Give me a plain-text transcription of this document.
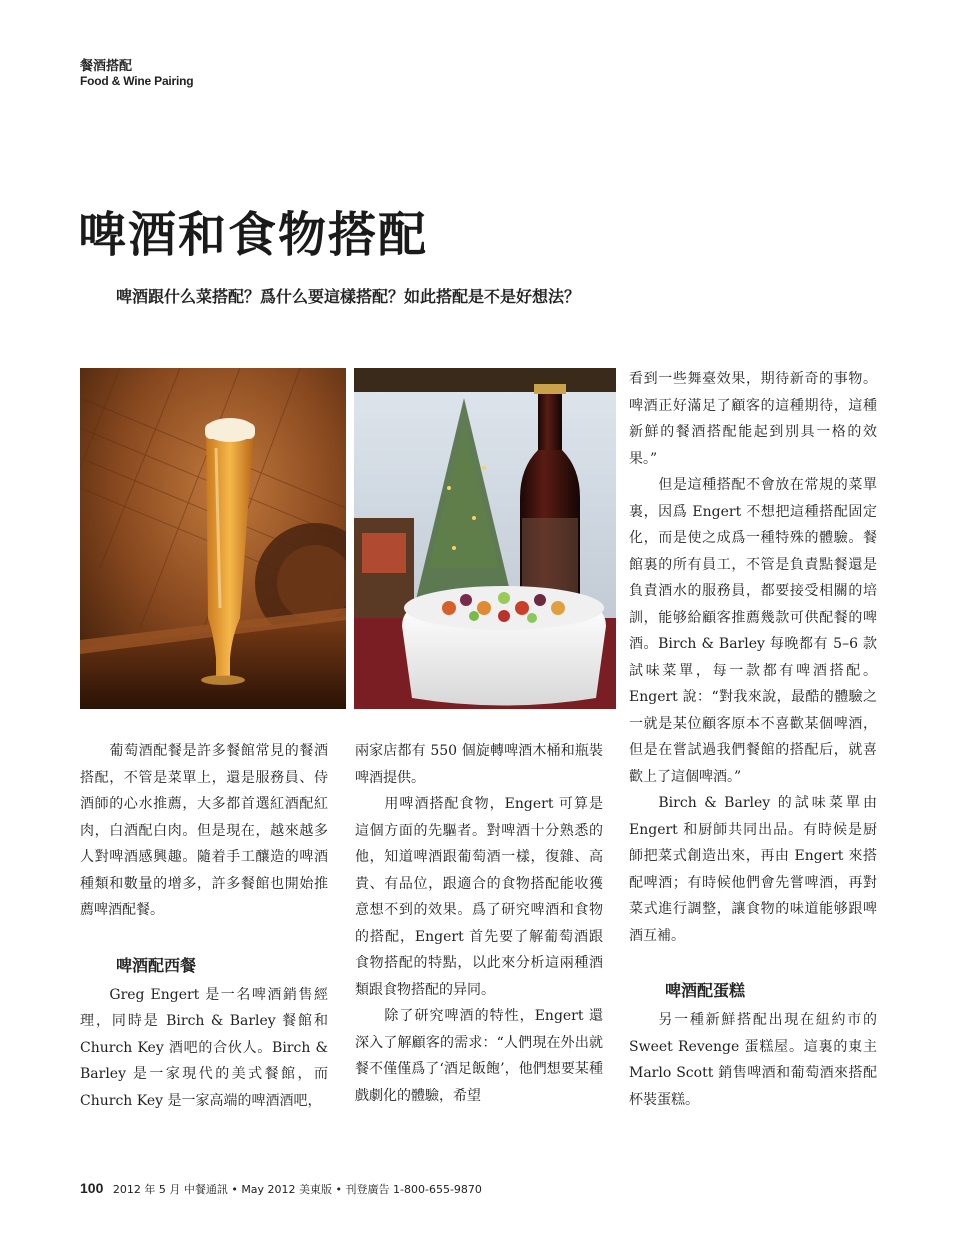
餐酒搭配
Food & Wine Pairing
啤酒和食物搭配
啤酒跟什么菜搭配？爲什么要這樣搭配？如此搭配是不是好想法？

葡萄酒配餐是許多餐館常見的餐酒搭配，不管是菜單上，還是服務員、侍酒師的心水推薦，大多都首選紅酒配紅肉，白酒配白肉。但是現在，越來越多人對啤酒感興趣。隨着手工釀造的啤酒種類和數量的增多，許多餐館也開始推薦啤酒配餐。

啤酒配西餐

Greg Engert 是一名啤酒銷售經理，同時是 Birch & Barley 餐館和 Church Key 酒吧的合伙人。Birch & Barley 是一家現代的美式餐館，而 Church Key 是一家高端的啤酒酒吧，

兩家店都有 550 個旋轉啤酒木桶和瓶裝啤酒提供。

用啤酒搭配食物，Engert 可算是這個方面的先驅者。對啤酒十分熟悉的他，知道啤酒跟葡萄酒一樣，復雜、高貴、有品位，跟適合的食物搭配能收獲意想不到的效果。爲了研究啤酒和食物的搭配，Engert 首先要了解葡萄酒跟食物搭配的特點，以此來分析這兩種酒類跟食物搭配的异同。

除了研究啤酒的特性，Engert 還深入了解顧客的需求：“人們現在外出就餐不僅僅爲了‘酒足飯飽’，他們想要某種戲劇化的體驗，希望

看到一些舞臺效果，期待新奇的事物。啤酒正好滿足了顧客的這種期待，這種新鮮的餐酒搭配能起到別具一格的效果。”

但是這種搭配不會放在常規的菜單裏，因爲 Engert 不想把這種搭配固定化，而是使之成爲一種特殊的體驗。餐館裏的所有員工，不管是負責點餐還是負責酒水的服務員，都要接受相關的培訓，能够給顧客推薦幾款可供配餐的啤酒。Birch & Barley 每晚都有 5–6 款試味菜單，每一款都有啤酒搭配。Engert 說：“對我來說，最酷的體驗之一就是某位顧客原本不喜歡某個啤酒，但是在嘗試過我們餐館的搭配后，就喜歡上了這個啤酒。”

Birch & Barley 的試味菜單由 Engert 和厨師共同出品。有時候是厨師把菜式創造出來，再由 Engert 來搭配啤酒；有時候他們會先嘗啤酒，再對菜式進行調整，讓食物的味道能够跟啤酒互補。

啤酒配蛋糕

另一種新鮮搭配出現在紐約市的 Sweet Revenge 蛋糕屋。這裏的東主 Marlo Scott 銷售啤酒和葡萄酒來搭配杯裝蛋糕。

100 2012 年 5 月 中餐通訊 • May 2012 美東版 • 刊登廣告 1-800-655-9870
